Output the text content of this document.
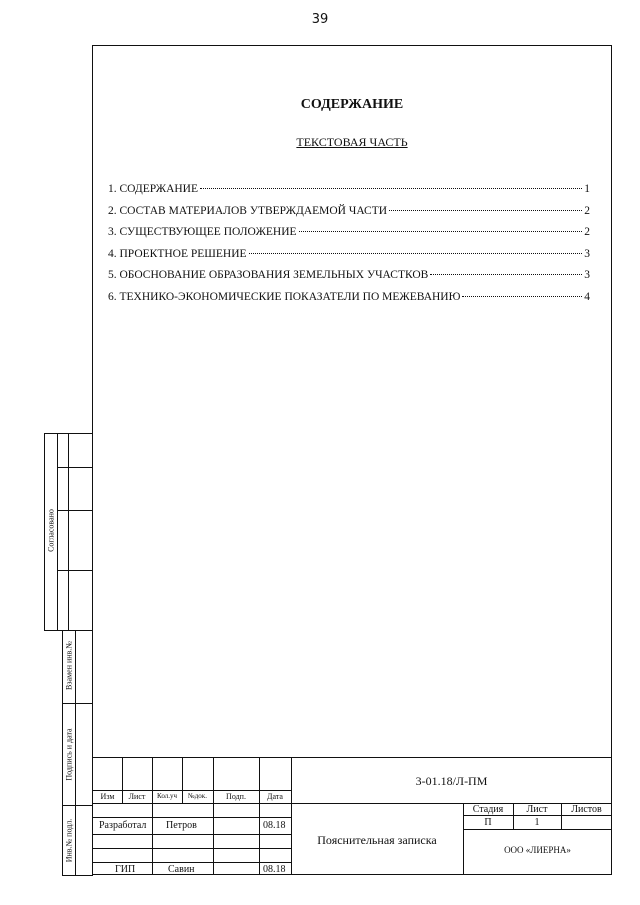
39
СОДЕРЖАНИЕ
ТЕКСТОВАЯ ЧАСТЬ
1. СОДЕРЖАНИЕ	1
2. СОСТАВ МАТЕРИАЛОВ УТВЕРЖДАЕМОЙ ЧАСТИ	2
3. СУЩЕСТВУЮЩЕЕ ПОЛОЖЕНИЕ	2
4. ПРОЕКТНОЕ РЕШЕНИЕ	3
5. ОБОСНОВАНИЕ ОБРАЗОВАНИЯ ЗЕМЕЛЬНЫХ УЧАСТКОВ	3
6. ТЕХНИКО-ЭКОНОМИЧЕСКИЕ ПОКАЗАТЕЛИ ПО МЕЖЕВАНИЮ	4
Согласовано
Взамен инв.№
Подпись и дата
Инв.№ подл.
Изм	Лист	Кол.уч	№док.	Подп.	Дата
3-01.18/Л-ПМ
Разработал Петров	08.18
ГИП	Савин	08.18
Пояснительная записка
Стадия	Лист	Листов
П	1
ООО «ЛИЕРНА»
